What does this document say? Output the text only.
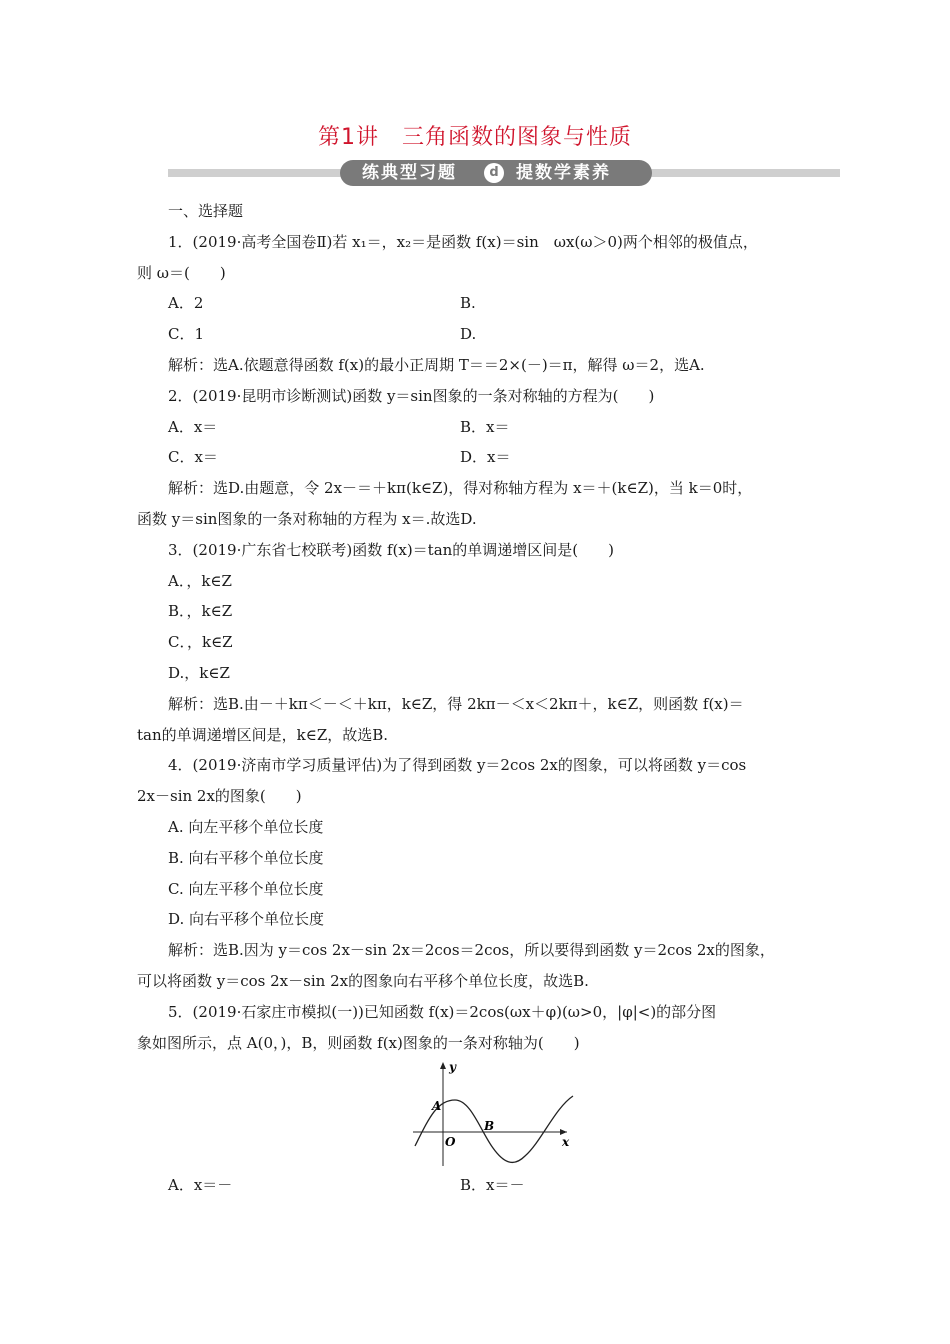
第1讲　三角函数的图象与性质
练典型习题	d	提数学素养
一、选择题
1．(2019·高考全国卷Ⅱ)若 x₁＝，x₂＝是函数 f(x)＝sin　ωx(ω＞0)两个相邻的极值点，
则 ω＝(　　)
A．2	B.
C．1	D.
解析：选A.依题意得函数 f(x)的最小正周期 T＝＝2×(－)＝π，解得 ω＝2，选A.
2．(2019·昆明市诊断测试)函数 y＝sin图象的一条对称轴的方程为(　　)
A．x＝	B．x＝
C．x＝	D．x＝
解析：选D.由题意，令 2x－＝＋kπ(k∈Z)，得对称轴方程为 x＝＋(k∈Z)，当 k＝0时，
函数 y＝sin图象的一条对称轴的方程为 x＝.故选D.
3．(2019·广东省七校联考)函数 f(x)＝tan的单调递增区间是(　　)
A．，k∈Z
B．，k∈Z
C．，k∈Z
D.，k∈Z
解析：选B.由－＋kπ＜－＜＋kπ，k∈Z，得 2kπ－＜x＜2kπ＋，k∈Z，则函数 f(x)＝
tan的单调递增区间是，k∈Z，故选B.
4．(2019·济南市学习质量评估)为了得到函数 y＝2cos 2x的图象，可以将函数 y＝cos
2x－sin 2x的图象(　　)
A. 向左平移个单位长度
B. 向右平移个单位长度
C. 向左平移个单位长度
D. 向右平移个单位长度
解析：选B.因为 y＝cos 2x－sin 2x＝2cos＝2cos，所以要得到函数 y＝2cos 2x的图象，
可以将函数 y＝cos 2x－sin 2x的图象向右平移个单位长度，故选B.
5．(2019·石家庄市模拟(一))已知函数 f(x)＝2cos(ωx＋φ)(ω>0，|φ|<)的部分图
象如图所示，点 A(0，)，B，则函数 f(x)图象的一条对称轴为(　　)
y
x
O
A
B
A．x＝－	B．x＝－
